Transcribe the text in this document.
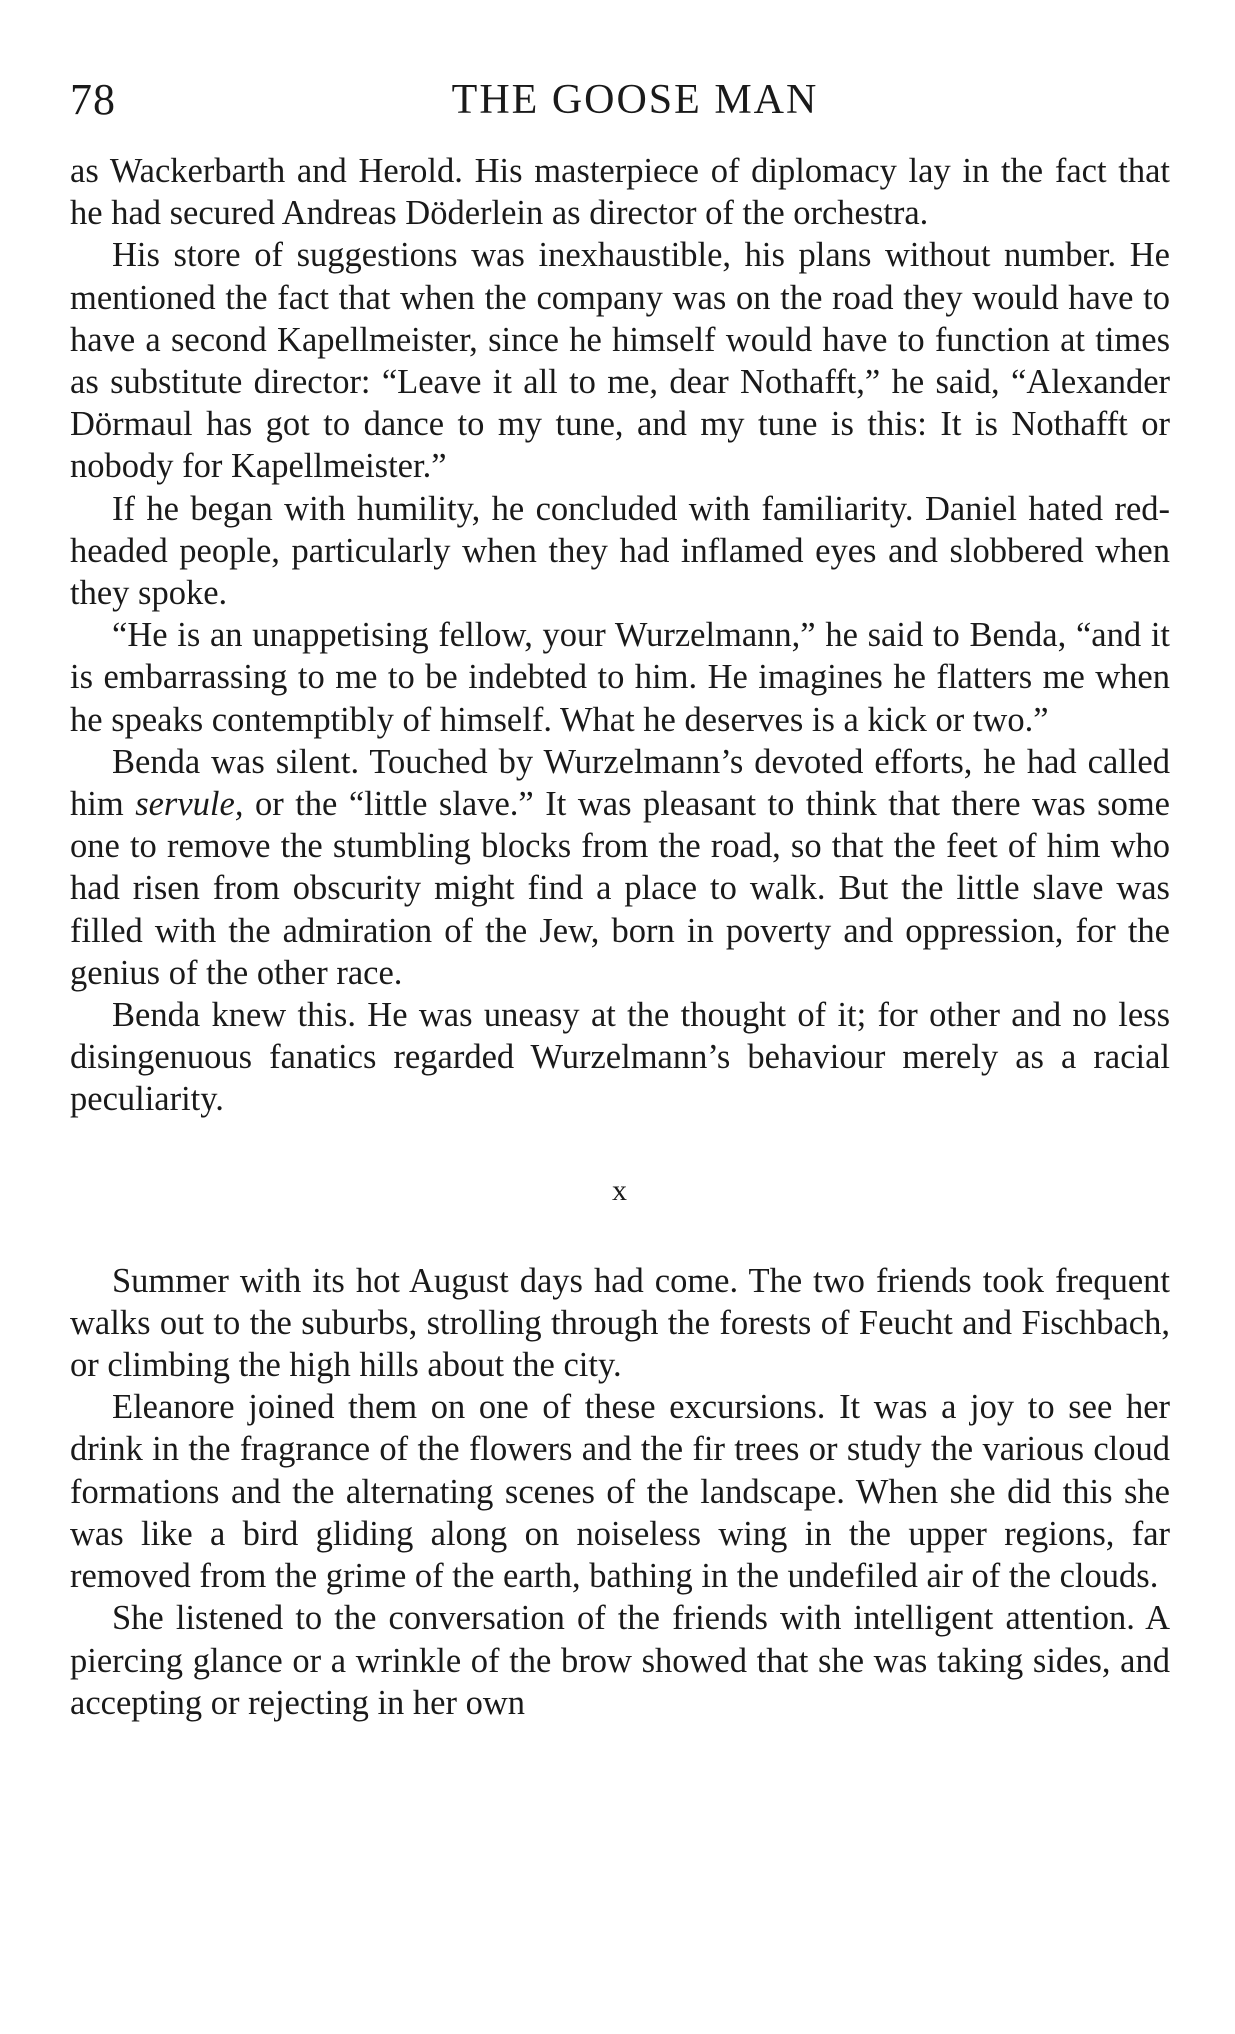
78	THE GOOSE MAN

as Wackerbarth and Herold. His masterpiece of diplomacy lay in the fact that he had secured Andreas Döderlein as director of the orchestra.

His store of suggestions was inexhaustible, his plans without number. He mentioned the fact that when the company was on the road they would have to have a second Kapellmeister, since he himself would have to function at times as substitute director: “Leave it all to me, dear Nothafft,” he said, “Alexander Dörmaul has got to dance to my tune, and my tune is this: It is Nothafft or nobody for Kapellmeister.”

If he began with humility, he concluded with familiarity. Daniel hated red-headed people, particularly when they had inflamed eyes and slobbered when they spoke.

“He is an unappetising fellow, your Wurzelmann,” he said to Benda, “and it is embarrassing to me to be indebted to him. He imagines he flatters me when he speaks contemptibly of himself. What he deserves is a kick or two.”

Benda was silent. Touched by Wurzelmann’s devoted efforts, he had called him servule, or the “little slave.” It was pleasant to think that there was some one to remove the stumbling blocks from the road, so that the feet of him who had risen from obscurity might find a place to walk. But the little slave was filled with the admiration of the Jew, born in poverty and oppression, for the genius of the other race.

Benda knew this. He was uneasy at the thought of it; for other and no less disingenuous fanatics regarded Wurzelmann’s behaviour merely as a racial peculiarity.

x

Summer with its hot August days had come. The two friends took frequent walks out to the suburbs, strolling through the forests of Feucht and Fischbach, or climbing the high hills about the city.

Eleanore joined them on one of these excursions. It was a joy to see her drink in the fragrance of the flowers and the fir trees or study the various cloud formations and the alternating scenes of the landscape. When she did this she was like a bird gliding along on noiseless wing in the upper regions, far removed from the grime of the earth, bathing in the undefiled air of the clouds.

She listened to the conversation of the friends with intelligent attention. A piercing glance or a wrinkle of the brow showed that she was taking sides, and accepting or rejecting in her own
